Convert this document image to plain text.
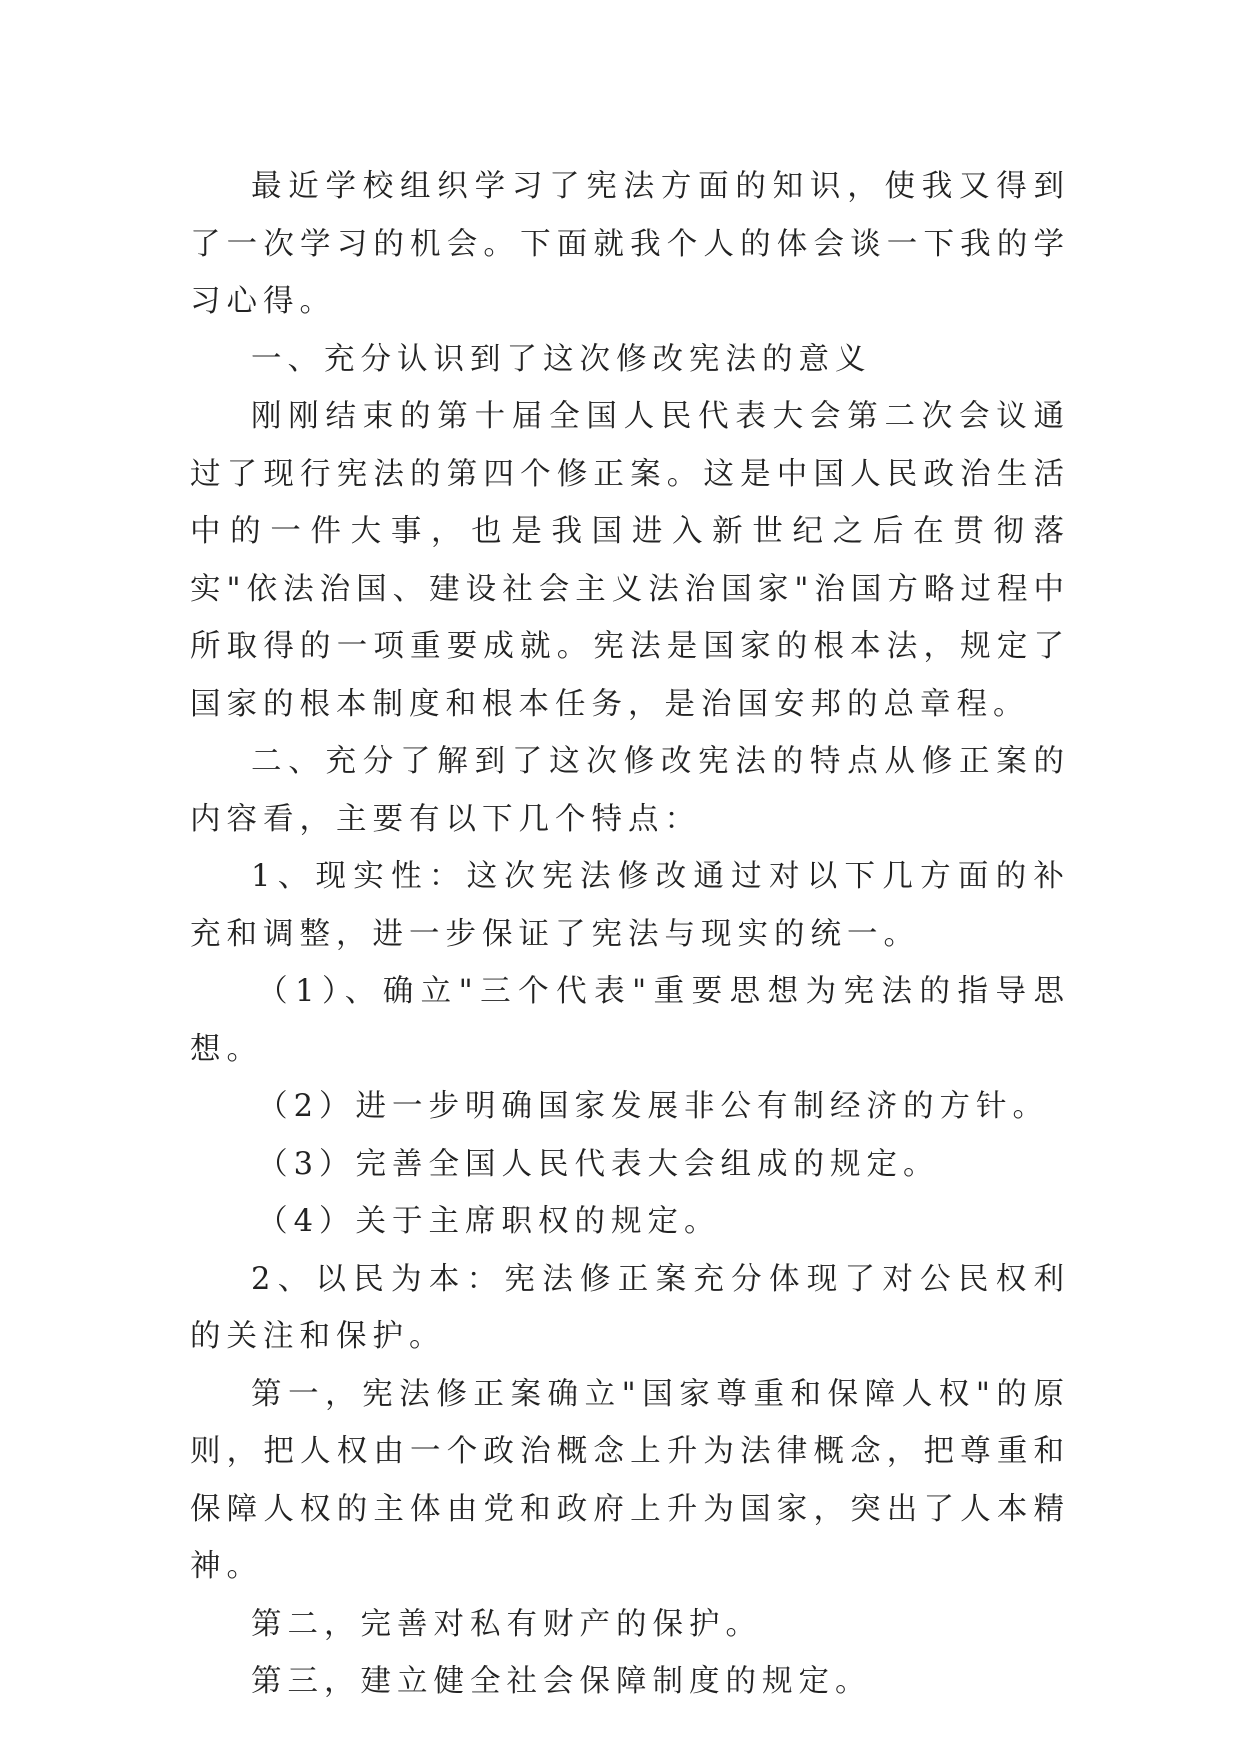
最近学校组织学习了宪法方面的知识，使我又得到了一次学习的机会。下面就我个人的体会谈一下我的学习心得。

一、充分认识到了这次修改宪法的意义

刚刚结束的第十届全国人民代表大会第二次会议通过了现行宪法的第四个修正案。这是中国人民政治生活中的一件大事，也是我国进入新世纪之后在贯彻落实"依法治国、建设社会主义法治国家"治国方略过程中所取得的一项重要成就。宪法是国家的根本法，规定了国家的根本制度和根本任务，是治国安邦的总章程。

二、充分了解到了这次修改宪法的特点从修正案的内容看，主要有以下几个特点：

1、现实性：这次宪法修改通过对以下几方面的补充和调整，进一步保证了宪法与现实的统一。

（1）、确立"三个代表"重要思想为宪法的指导思想。

（2）进一步明确国家发展非公有制经济的方针。

（3）完善全国人民代表大会组成的规定。

（4）关于主席职权的规定。

2、以民为本：宪法修正案充分体现了对公民权利的关注和保护。

第一，宪法修正案确立"国家尊重和保障人权"的原则，把人权由一个政治概念上升为法律概念，把尊重和保障人权的主体由党和政府上升为国家，突出了人本精神。

第二，完善对私有财产的保护。

第三，建立健全社会保障制度的规定。
